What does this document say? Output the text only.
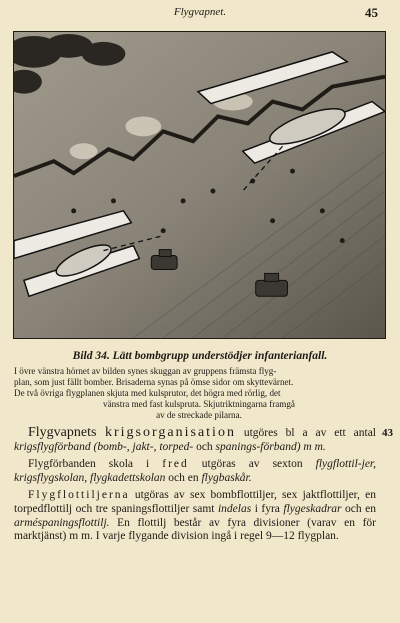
Flygvapnet.	45
Bild 34. Lätt bombgrupp understödjer infanterianfall.
I övre vänstra hörnet av bilden synes skuggan av gruppens främsta flyg-
plan, som just fällt bomber. Brisaderna synas på ömse sidor om skyttevärnet.
De två övriga flygplanen skjuta med kulsprutor, det högra med rörlig, det
vänstra med fast kulspruta. Skjutriktningarna framgå
av de streckade pilarna.
43

Flygvapnets krigsorganisation utgöres bl a av ett antal krigsflygförband (bomb-, jakt-, torped- och spanings-förband) m m.

Flygförbanden skola i fred utgöras av sexton flygflottil-jer, krigsflygskolan, flygkadettskolan och en flygbaskår.

Flygflottiljerna utgöras av sex bombflottiljer, sex jaktflottiljer, en torpedflottilj och tre spaningsflottiljer samt indelas i fyra flygeskadrar och en arméspaningsflottilj. En flottilj består av fyra divisioner (varav en för marktjänst) m m. I varje flygande division ingå i regel 9—12 flygplan.
